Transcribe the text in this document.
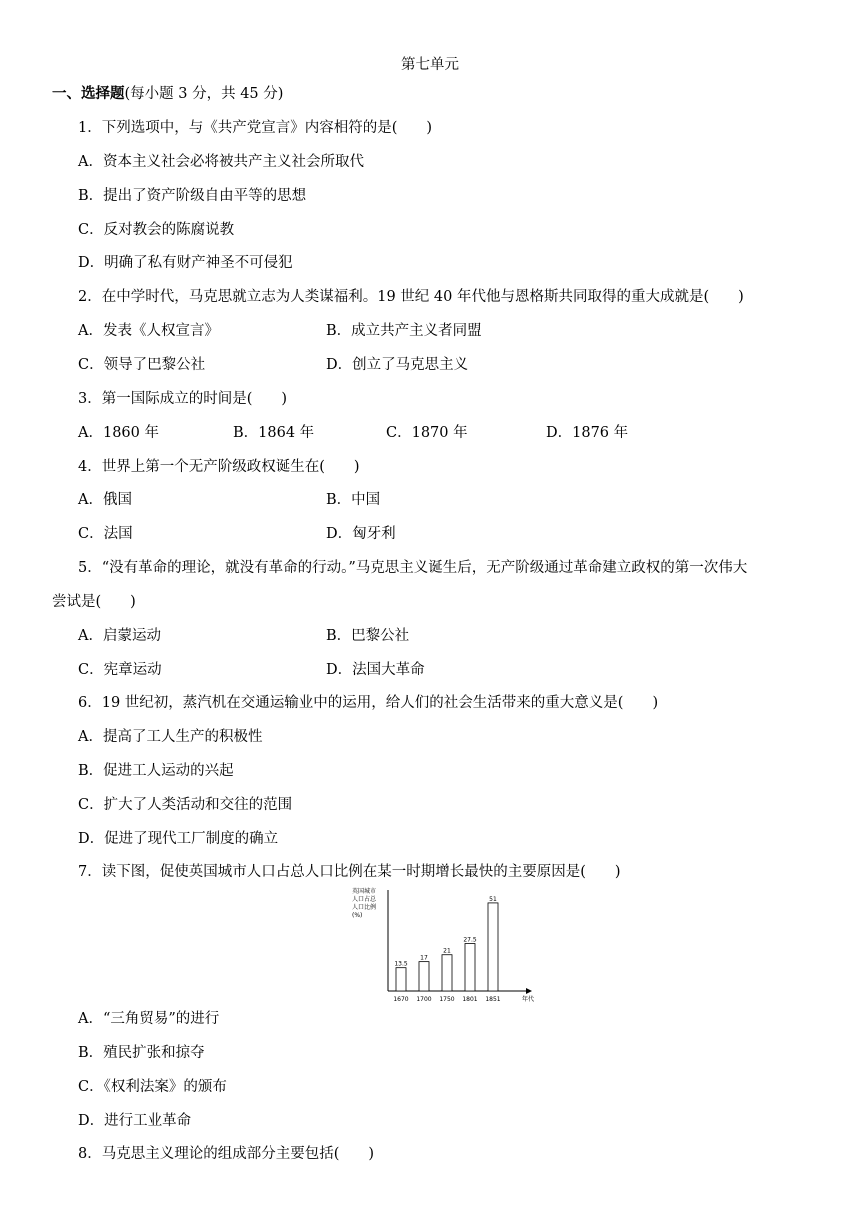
第七单元
一、选择题(每小题 3 分，共 45 分)
1．下列选项中，与《共产党宣言》内容相符的是(　　)
A．资本主义社会必将被共产主义社会所取代
B．提出了资产阶级自由平等的思想
C．反对教会的陈腐说教
D．明确了私有财产神圣不可侵犯
2．在中学时代，马克思就立志为人类谋福利。19 世纪 40 年代他与恩格斯共同取得的重大成就是(　　)
A．发表《人权宣言》	B．成立共产主义者同盟
C．领导了巴黎公社	D．创立了马克思主义
3．第一国际成立的时间是(　　)
A．1860 年	B．1864 年	C．1870 年	D．1876 年
4．世界上第一个无产阶级政权诞生在(　　)
A．俄国	B．中国
C．法国	D．匈牙利
5．“没有革命的理论，就没有革命的行动。”马克思主义诞生后，无产阶级通过革命建立政权的第一次伟大
尝试是(　　)
A．启蒙运动	B．巴黎公社
C．宪章运动	D．法国大革命
6．19 世纪初，蒸汽机在交通运输业中的运用，给人们的社会生活带来的重大意义是(　　)
A．提高了工人生产的积极性
B．促进工人运动的兴起
C．扩大了人类活动和交往的范围
D．促进了现代工厂制度的确立
7．读下图，促使英国城市人口占总人口比例在某一时期增长最快的主要原因是(　　)
英国城市
人口占总
人口比例
(%)
13.5
1670
17
1700
21
1750
27.5
1801
51
1851	年代
A．“三角贸易”的进行
B．殖民扩张和掠夺
C．《权利法案》的颁布
D．进行工业革命
8．马克思主义理论的组成部分主要包括(　　)
